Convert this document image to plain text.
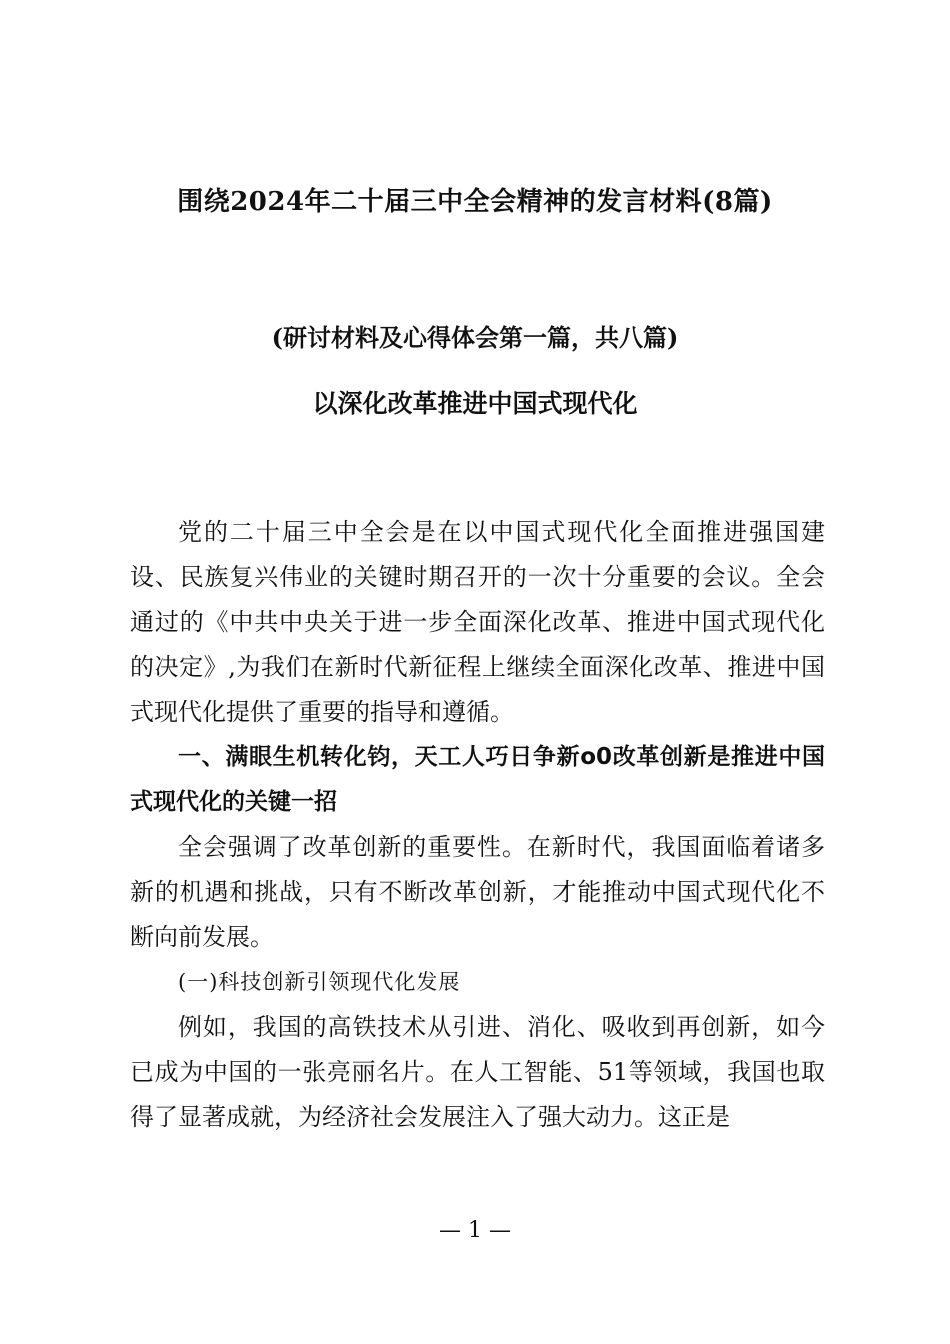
围绕2024年二十届三中全会精神的发言材料(8篇)
(研讨材料及心得体会第一篇，共八篇)
以深化改革推进中国式现代化

党的二十届三中全会是在以中国式现代化全面推进强国建设、民族复兴伟业的关键时期召开的一次十分重要的会议。全会通过的《中共中央关于进一步全面深化改革、推进中国式现代化的决定》,为我们在新时代新征程上继续全面深化改革、推进中国式现代化提供了重要的指导和遵循。

一、满眼生机转化钧，天工人巧日争新o0改革创新是推进中国式现代化的关键一招

全会强调了改革创新的重要性。在新时代，我国面临着诸多新的机遇和挑战，只有不断改革创新，才能推动中国式现代化不断向前发展。

(一)科技创新引领现代化发展

例如，我国的高铁技术从引进、消化、吸收到再创新，如今已成为中国的一张亮丽名片。在人工智能、51等领域，我国也取得了显著成就，为经济社会发展注入了强大动力。这正是

— 1 —
